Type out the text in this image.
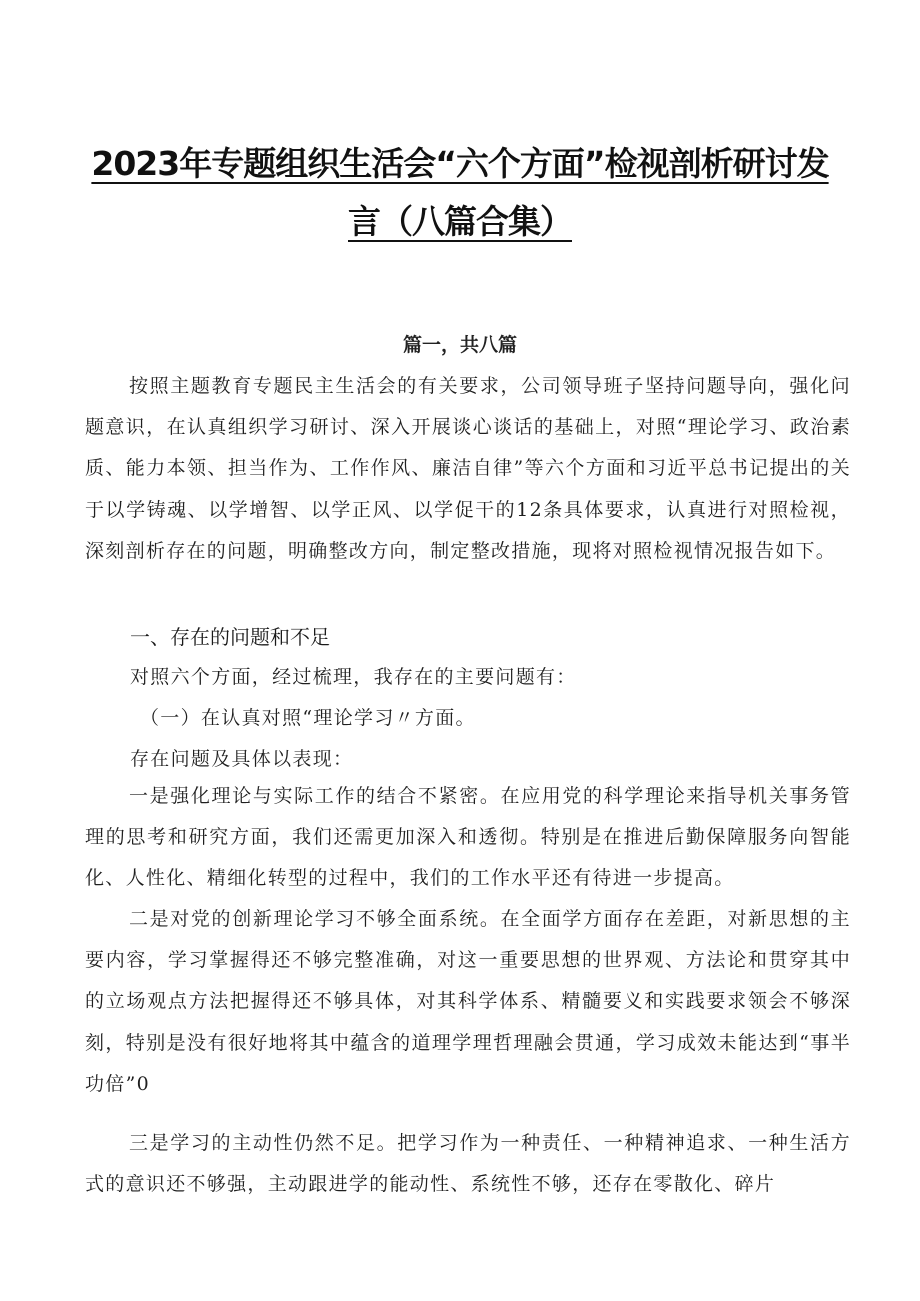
2023年专题组织生活会“六个方面”检视剖析研讨发
言（八篇合集）
篇一，共八篇

按照主题教育专题民主生活会的有关要求，公司领导班子坚持问题导向，强化问题意识，在认真组织学习研讨、深入开展谈心谈话的基础上，对照“理论学习、政治素质、能力本领、担当作为、工作作风、廉洁自律”等六个方面和习近平总书记提出的关于以学铸魂、以学增智、以学正风、以学促干的12条具体要求，认真进行对照检视，深刻剖析存在的问题，明确整改方向，制定整改措施，现将对照检视情况报告如下。

一、存在的问题和不足
对照六个方面，经过梳理，我存在的主要问题有：
（一）在认真对照“理论学习〃方面。
存在问题及具体以表现：

一是强化理论与实际工作的结合不紧密。在应用党的科学理论来指导机关事务管理的思考和研究方面，我们还需更加深入和透彻。特别是在推进后勤保障服务向智能化、人性化、精细化转型的过程中，我们的工作水平还有待进一步提高。

二是对党的创新理论学习不够全面系统。在全面学方面存在差距，对新思想的主要内容，学习掌握得还不够完整准确，对这一重要思想的世界观、方法论和贯穿其中的立场观点方法把握得还不够具体，对其科学体系、精髓要义和实践要求领会不够深刻，特别是没有很好地将其中蕴含的道理学理哲理融会贯通，学习成效未能达到“事半功倍”0

三是学习的主动性仍然不足。把学习作为一种责任、一种精神追求、一种生活方式的意识还不够强，主动跟进学的能动性、系统性不够，还存在零散化、碎片
